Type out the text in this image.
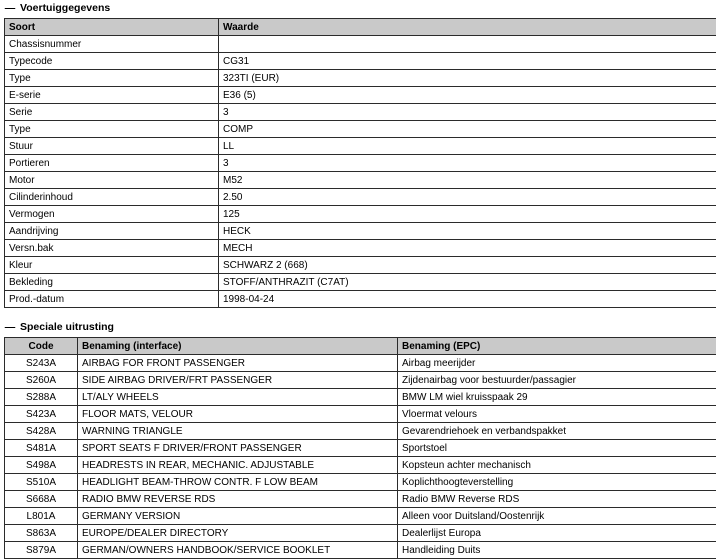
— Voertuiggegevens
Soort	Waarde
Chassisnummer	
Typecode	CG31
Type	323TI (EUR)
E-serie	E36 (5)
Serie	3
Type	COMP
Stuur	LL
Portieren	3
Motor	M52
Cilinderinhoud	2.50
Vermogen	125
Aandrijving	HECK
Versn.bak	MECH
Kleur	SCHWARZ 2 (668)
Bekleding	STOFF/ANTHRAZIT (C7AT)
Prod.-datum	1998-04-24
— Speciale uitrusting
Code	Benaming (interface)	Benaming (EPC)
S243A	AIRBAG FOR FRONT PASSENGER	Airbag meerijder
S260A	SIDE AIRBAG DRIVER/FRT PASSENGER	Zijdenairbag voor bestuurder/passagier
S288A	LT/ALY WHEELS	BMW LM wiel kruisspaak 29
S423A	FLOOR MATS, VELOUR	Vloermat velours
S428A	WARNING TRIANGLE	Gevarendriehoek en verbandspakket
S481A	SPORT SEATS F DRIVER/FRONT PASSENGER	Sportstoel
S498A	HEADRESTS IN REAR, MECHANIC. ADJUSTABLE	Kopsteun achter mechanisch
S510A	HEADLIGHT BEAM-THROW CONTR. F LOW BEAM	Koplichthoogteverstelling
S668A	RADIO BMW REVERSE RDS	Radio BMW Reverse RDS
L801A	GERMANY VERSION	Alleen voor Duitsland/Oostenrijk
S863A	EUROPE/DEALER DIRECTORY	Dealerlijst Europa
S879A	GERMAN/OWNERS HANDBOOK/SERVICE BOOKLET	Handleiding Duits
